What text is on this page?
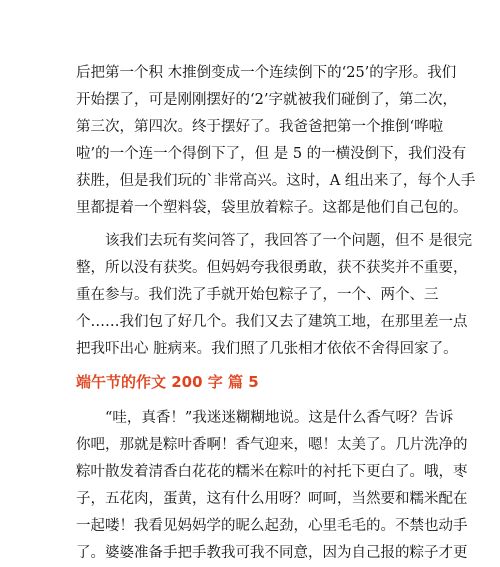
后把第一个积 木推倒变成一个连续倒下的‘25’的字形。我们
开始摆了，可是刚刚摆好的‘2’字就被我们碰倒了，第二次，
第三次，第四次。终于摆好了。我爸爸把第一个推倒‘哗啦
啦’的一个连一个得倒下了，但 是 5 的一横没倒下，我们没有
获胜，但是我们玩的`非常高兴。这时，A 组出来了，每个人手
里都提着一个塑料袋，袋里放着粽子。这都是他们自己包的。
　　该我们去玩有奖问答了，我回答了一个问题，但不 是很完
整，所以没有获奖。但妈妈夸我很勇敢，获不获奖并不重要，
重在参与。我们洗了手就开始包粽子了，一个、两个、三
个……我们包了好几个。我们又去了建筑工地，在那里差一点
把我吓出心 脏病来。我们照了几张相才依依不舍得回家了。
端午节的作文 200 字 篇 5
　　“哇，真香！”我迷迷糊糊地说。这是什么香气呀？告诉
你吧，那就是粽叶香啊！香气迎来，嗯！太美了。几片洗净的
粽叶散发着清香白花花的糯米在粽叶的衬托下更白了。哦，枣
子，五花肉，蛋黄，这有什么用呀？呵呵，当然要和糯米配在
一起喽！我看见妈妈学的昵么起劲，心里毛毛的。不禁也动手
了。婆婆准备手把手教我可我不同意，因为自己报的粽子才更
